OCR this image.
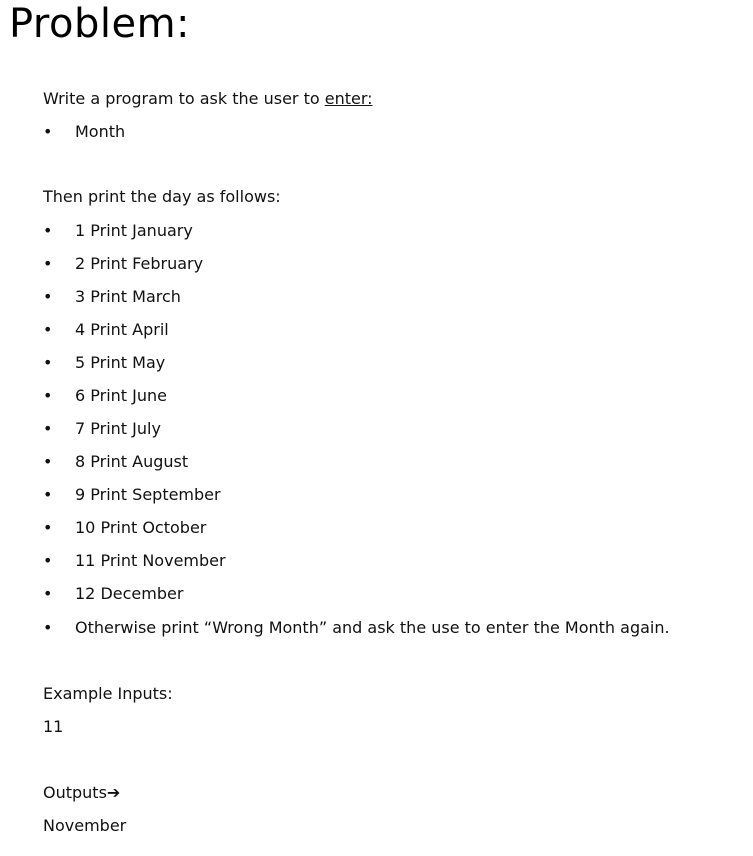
Problem:
Write a program to ask the user to enter:
• Month
Then print the day as follows:
• 1 Print January
• 2 Print February
• 3 Print March
• 4 Print April
• 5 Print May
• 6 Print June
• 7 Print July
• 8 Print August
• 9 Print September
• 10 Print October
• 11 Print November
• 12 December
• Otherwise print “Wrong Month” and ask the use to enter the Month again.
Example Inputs:
11
Outputs➔
November
